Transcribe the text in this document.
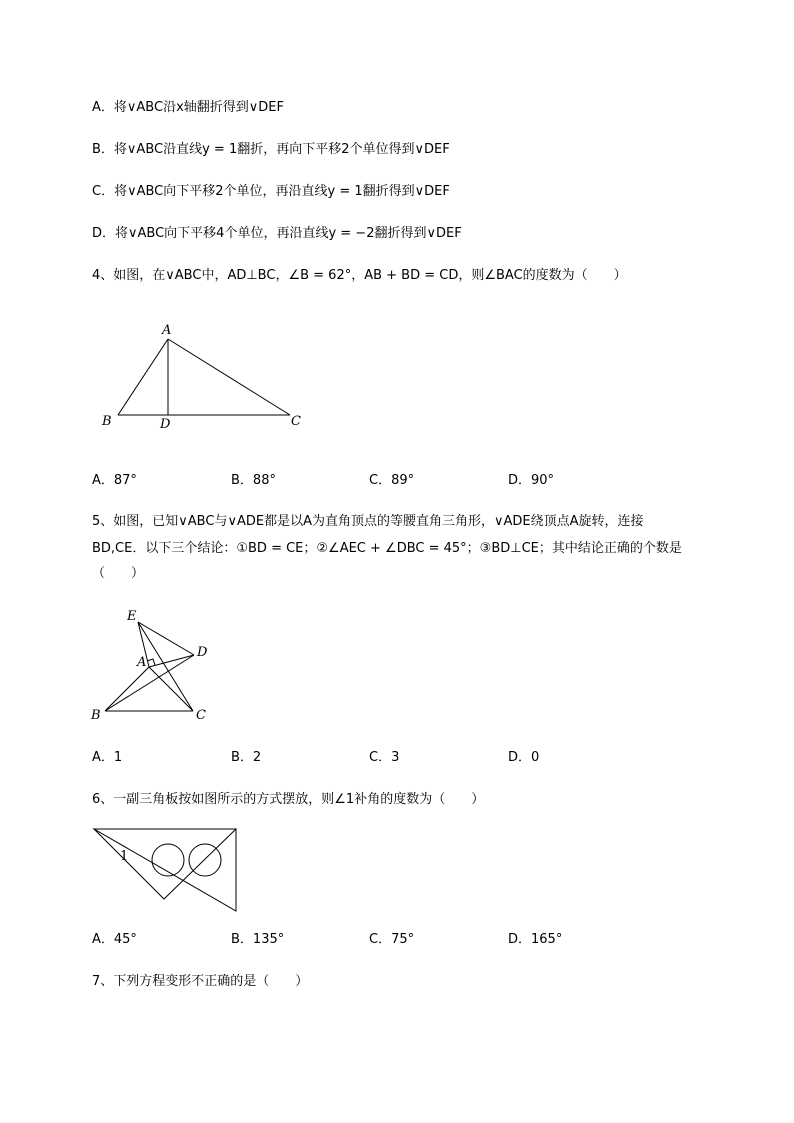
A．将∨ABC沿x轴翻折得到∨DEF
B．将∨ABC沿直线y = 1翻折，再向下平移2个单位得到∨DEF
C．将∨ABC向下平移2个单位，再沿直线y = 1翻折得到∨DEF
D．将∨ABC向下平移4个单位，再沿直线y = −2翻折得到∨DEF
4、如图，在∨ABC中，AD⊥BC，∠B = 62°，AB + BD = CD，则∠BAC的度数为（　　）
A
B	D	C
A．87°	B．88°	C．89°	D．90°
5、如图，已知∨ABC与∨ADE都是以A为直角顶点的等腰直角三角形，∨ADE绕顶点A旋转，连接
BD,CE．以下三个结论：①BD = CE；②∠AEC + ∠DBC = 45°；③BD⊥CE；其中结论正确的个数是
（　　）
E
D
A
B	C
A．1	B．2	C．3	D．0
6、一副三角板按如图所示的方式摆放，则∠1补角的度数为（　　）
1
A．45°	B．135°	C．75°	D．165°
7、下列方程变形不正确的是（　　）
